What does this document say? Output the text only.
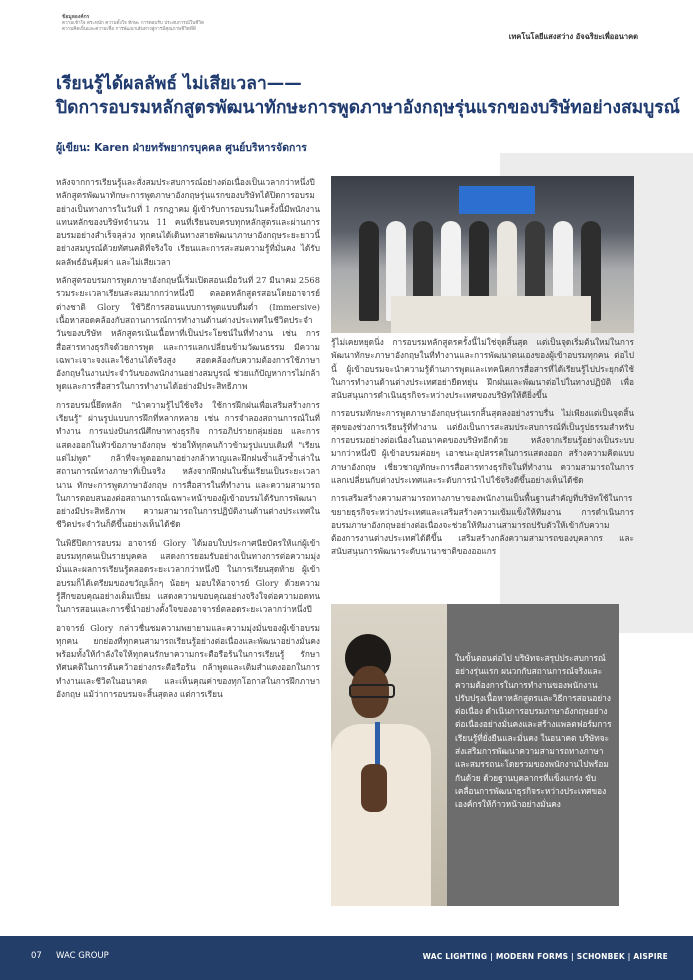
ข้อมูลองค์กร
ความเข้าใจ ตระหนัก ความตั้งใจ ทักษะ การตอบรับ ประสบการณ์ในชีวิต
ความคิดเห็นและความเชื่อ การพัฒนาเส้นทางสู่การมีคุณภาพชีวิตที่ดี
เทคโนโลยีแสงสว่าง อัจฉริยะเพื่ออนาคต
เรียนรู้ได้ผลลัพธ์ ไม่เสียเวลา——
ปิดการอบรมหลักสูตรพัฒนาทักษะการพูดภาษาอังกฤษรุ่นแรกของบริษัทอย่างสมบูรณ์
ผู้เขียน: Karen ฝ่ายทรัพยากรบุคคล ศูนย์บริหารจัดการ

หลังจากการเรียนรู้และสั่งสมประสบการณ์อย่างต่อเนื่องเป็นเวลากว่าหนึ่งปี หลักสูตรพัฒนาทักษะการพูดภาษาอังกฤษรุ่นแรกของบริษัทได้ปิดการอบรมอย่างเป็นทางการในวันที่ 1 กรกฎาคม ผู้เข้ารับการอบรมในครั้งนี้มีพนักงานแทนหลักของบริษัทจำนวน 11 คนที่เรียนจบครบทุกหลักสูตรและผ่านการอบรมอย่างสำเร็จลุล่วง ทุกคนได้เดินทางสายพัฒนาภาษาอังกฤษระยะยาวนี้อย่างสมบูรณ์ด้วยทัศนคติที่จริงใจ เรียนและการสะสมความรู้ที่มั่นคง ได้รับผลลัพธ์อันคุ้มค่า และไม่เสียเวลา

หลักสูตรอบรมการพูดภาษาอังกฤษนี้เริ่มเปิดสอนเมื่อวันที่ 27 มีนาคม 2568 รวมระยะเวลาเรียนสะสมมากกว่าหนึ่งปี ตลอดหลักสูตรสอนโดยอาจารย์ต่างชาติ Glory ใช้วิธีการสอนแบบการพูดแบบดื่มด่ำ (Immersive) เนื้อหาสอดคล้องกับสถานการณ์การทำงานด้านต่างประเทศในชีวิตประจำวันของบริษัท หลักสูตรเน้นเนื้อหาที่เป็นประโยชน์ในที่ทำงาน เช่น การสื่อสารทางธุรกิจด้วยการพูด และการแลกเปลี่ยนข้ามวัฒนธรรม มีความเฉพาะเจาะจงและใช้งานได้จริงสูง สอดคล้องกับความต้องการใช้ภาษาอังกฤษในงานประจำวันของพนักงานอย่างสมบูรณ์ ช่วยแก้ปัญหาการไม่กล้าพูดและการสื่อสารในการทำงานได้อย่างมีประสิทธิภาพ

การอบรมนี้ยึดหลัก "นำความรู้ไปใช้จริง ใช้การฝึกฝนเพื่อเสริมสร้างการเรียนรู้" ผ่านรูปแบบการฝึกที่หลากหลาย เช่น การจำลองสถานการณ์ในที่ทำงาน การแบ่งปันกรณีศึกษาทางธุรกิจ การอภิปรายกลุ่มย่อย และการแสดงออกในหัวข้อภาษาอังกฤษ ช่วยให้ทุกคนก้าวข้ามรูปแบบเดิมที่ "เรียนแต่ไม่พูด" กล้าที่จะพูดออกมาอย่างกล้าหาญและฝึกฝนซ้ำแล้วซ้ำเล่าในสถานการณ์ทางภาษาที่เป็นจริง หลังจากฝึกฝนในชั้นเรียนเป็นระยะเวลานาน ทักษะการพูดภาษาอังกฤษ การสื่อสารในที่ทำงาน และความสามารถในการตอบสนองต่อสถานการณ์เฉพาะหน้าของผู้เข้าอบรมได้รับการพัฒนาอย่างมีประสิทธิภาพ ความสามารถในการปฏิบัติงานด้านต่างประเทศในชีวิตประจำวันก็ดีขึ้นอย่างเห็นได้ชัด

ในพิธีปิดการอบรม อาจารย์ Glory ได้มอบใบประกาศนียบัตรให้แก่ผู้เข้าอบรมทุกคนเป็นรายบุคคล แสดงการยอมรับอย่างเป็นทางการต่อความมุ่งมั่นและผลการเรียนรู้ตลอดระยะเวลากว่าหนึ่งปี ในการเรียนสุดท้าย ผู้เข้าอบรมก็ได้เตรียมของขวัญเล็กๆ น้อยๆ มอบให้อาจารย์ Glory ด้วยความรู้สึกขอบคุณอย่างเต็มเปี่ยม แสดงความขอบคุณอย่างจริงใจต่อความอดทนในการสอนและการชี้นำอย่างตั้งใจของอาจารย์ตลอดระยะเวลากว่าหนึ่งปี

อาจารย์ Glory กล่าวชื่นชมความพยายามและความมุ่งมั่นของผู้เข้าอบรมทุกคน ยกย่องที่ทุกคนสามารถเรียนรู้อย่างต่อเนื่องและพัฒนาอย่างมั่นคง พร้อมทั้งให้กำลังใจให้ทุกคนรักษาความกระตือรือร้นในการเรียนรู้ รักษาทัศนคติในการต้นคว้าอย่างกระตือรือร้น กล้าพูดและเติมสำแดงออกในการทำงานและชีวิตในอนาคต และเห็นคุณค่าของทุกโอกาสในการฝึกภาษาอังกฤษ แม้ว่าการอบรมจะสิ้นสุดลง แต่การเรียน

รู้ไม่เคยหยุดนิ่ง การอบรมหลักสูตรครั้งนี้ไม่ใช่จุดสิ้นสุด แต่เป็นจุดเริ่มต้นใหม่ในการพัฒนาทักษะภาษาอังกฤษในที่ทำงานและการพัฒนาตนเองของผู้เข้าอบรมทุกคน ต่อไปนี้ ผู้เข้าอบรมจะนำความรู้ด้านการพูดและเทคนิคการสื่อสารที่ได้เรียนรู้ไปประยุกต์ใช้ในการทำงานด้านต่างประเทศอย่ายืดหยุ่น ฝึกฝนและพัฒนาต่อไปในทางปฏิบัติ เพื่อสนับสนุนการดำเนินธุรกิจระหว่างประเทศของบริษัทให้ดียิ่งขึ้น

การอบรมทักษะการพูดภาษาอังกฤษรุ่นแรกสิ้นสุดลงอย่างราบรื่น ไม่เพียงแต่เป็นจุดสิ้นสุดของช่วงการเรียนรู้ที่ทำงาน แต่ยังเป็นการสะสมประสบการณ์ที่เป็นรูปธรรมสำหรับการอบรมอย่างต่อเนื่องในอนาคตของบริษัทอีกด้วย หลังจากเรียนรู้อย่างเป็นระบบมากว่าหนึ่งปี ผู้เข้าอบรมค่อยๆ เอาชนะอุปสรรคในการแสดงออก สร้างความคิดแบบภาษาอังกฤษ เชี่ยวชาญทักษะการสื่อสารทางธุรกิจในที่ทำงาน ความสามารถในการแลกเปลี่ยนกับต่างประเทศและระดับการนำไปใช้จริงดีขึ้นอย่างเห็นได้ชัด

การเสริมสร้างความสามารถทางภาษาของพนักงานเป็นพื้นฐานสำคัญที่บริษัทใช้ในการขยายธุรกิจระหว่างประเทศและเสริมสร้างความเข้มแข็งให้ทีมงาน การดำเนินการอบรมภาษาอังกฤษอย่างต่อเนื่องจะช่วยให้ทีมงานสามารถปรับตัวให้เข้ากับความต้องการงานต่างประเทศได้ดีขึ้น เสริมสร้างกลังความสามารถของบุคลากร และสนับสนุนการพัฒนาระดับนานาชาติของออแกร

ในขั้นตอนต่อไป บริษัทจะสรุปประสบการณ์อย่างรุ่นแรก ผนวกกับสถานการณ์จริงและความต้องการในการทำงานของพนักงาน ปรับปรุงเนื้อหาหลักสูตรและวิธีการสอนอย่างต่อเนื่อง ดำเนินการอบรมภาษาอังกฤษอย่างต่อเนื่องอย่างมั่นคงและสร้างแพลตฟอร์มการเรียนรู้ที่ยั่งยืนและมั่นคง ในอนาคต บริษัทจะส่งเสริมการพัฒนาความสามารถทางภาษาและสมรรถนะโดยรวมของพนักงานไปพร้อมกันด้วย ด้วยฐานบุคลากรที่แข็งแกร่ง ขับเคลื่อนการพัฒนาธุรกิจระหว่างประเทศของเองค์กรให้ก้าวหน้าอย่างมั่นคง

07 WAC GROUP	WAC LIGHTING | MODERN FORMS | SCHONBEK | AISPIRE
